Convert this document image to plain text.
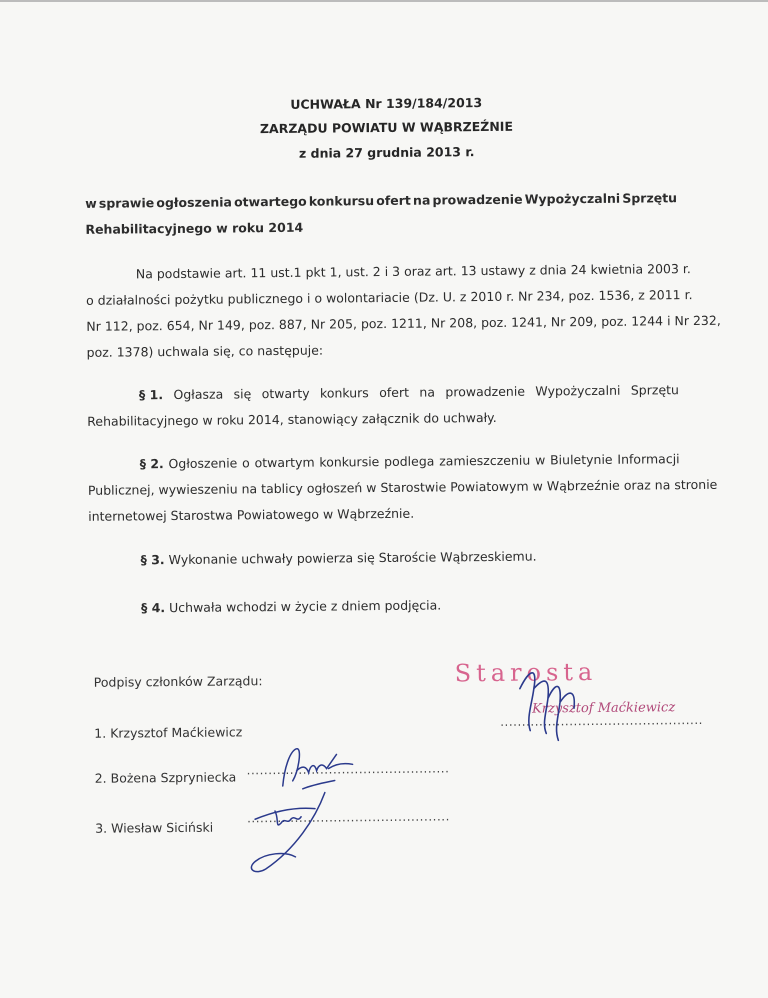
UCHWAŁA Nr 139/184/2013
ZARZĄDU POWIATU W WĄBRZEŹNIE
z dnia 27 grudnia 2013 r.
w sprawie ogłoszenia otwartego konkursu ofert na prowadzenie Wypożyczalni Sprzętu
Rehabilitacyjnego w roku 2014
Na podstawie art. 11 ust.1 pkt 1, ust. 2 i 3 oraz art. 13 ustawy z dnia 24 kwietnia 2003 r.
o działalności pożytku publicznego i o wolontariacie (Dz. U. z 2010 r. Nr 234, poz. 1536, z 2011 r.
Nr 112, poz. 654, Nr 149, poz. 887, Nr 205, poz. 1211, Nr 208, poz. 1241, Nr 209, poz. 1244 i Nr 232,
poz. 1378) uchwala się, co następuje:
§ 1. Ogłasza się otwarty konkurs ofert na prowadzenie Wypożyczalni Sprzętu
Rehabilitacyjnego w roku 2014, stanowiący załącznik do uchwały.
§ 2. Ogłoszenie o otwartym konkursie podlega zamieszczeniu w Biuletynie Informacji
Publicznej, wywieszeniu na tablicy ogłoszeń w Starostwie Powiatowym w Wąbrzeźnie oraz na stronie
internetowej Starostwa Powiatowego w Wąbrzeźnie.
§ 3. Wykonanie uchwały powierza się Staroście Wąbrzeskiemu.
§ 4. Uchwała wchodzi w życie z dniem podjęcia.
Podpisy członków Zarządu:
1. Krzysztof Maćkiewicz
2. Bożena Szpryniecka
3. Wiesław Siciński
...............................................
...............................................
...............................................
Starosta
Krzysztof Maćkiewicz
